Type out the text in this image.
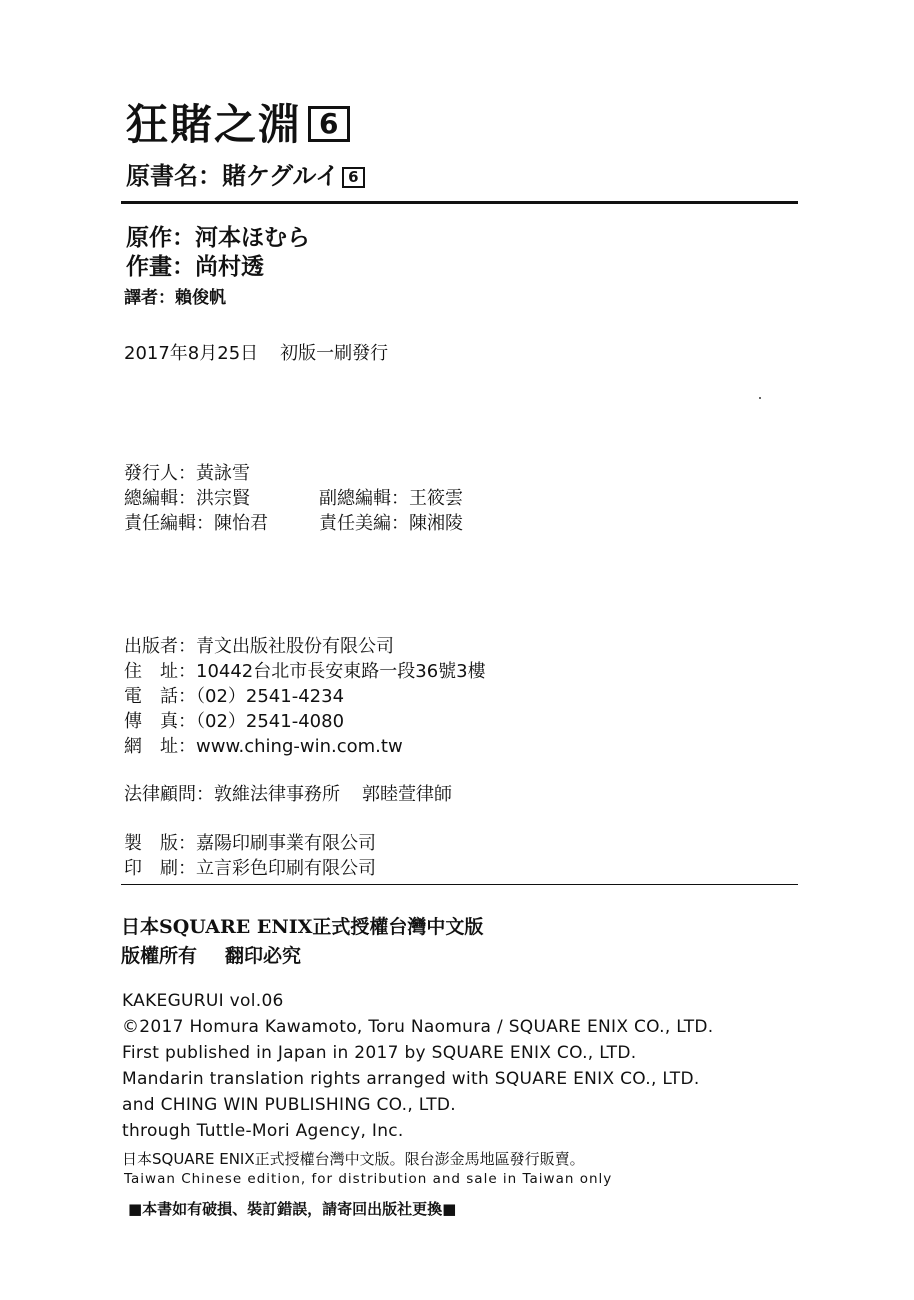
狂賭之淵 6
原書名：賭ケグルイ 6
原作：河本ほむら
作畫：尚村透
譯者：賴俊帆
2017年8月25日 初版一刷發行
發行人：黃詠雪
總編輯：洪宗賢	副總編輯：王筱雲
責任編輯：陳怡君	責任美編：陳湘陵
出版者：青文出版社股份有限公司
住　址：10442台北市長安東路一段36號3樓
電　話：（02）2541-4234
傳　真：（02）2541-4080
網　址：www.ching-win.com.tw
法律顧問：敦維法律事務所 郭睦萱律師
製　版：嘉陽印刷事業有限公司
印　刷：立言彩色印刷有限公司
日本SQUARE ENIX正式授權台灣中文版
版權所有 翻印必究
KAKEGURUI vol.06
©2017 Homura Kawamoto, Toru Naomura / SQUARE ENIX CO., LTD.
First published in Japan in 2017 by SQUARE ENIX CO., LTD.
Mandarin translation rights arranged with SQUARE ENIX CO., LTD.
and CHING WIN PUBLISHING CO., LTD.
through Tuttle-Mori Agency, Inc.
日本SQUARE ENIX正式授權台灣中文版。限台澎金馬地區發行販賣。
Taiwan Chinese edition, for distribution and sale in Taiwan only
■本書如有破損、裝訂錯誤，請寄回出版社更換■
